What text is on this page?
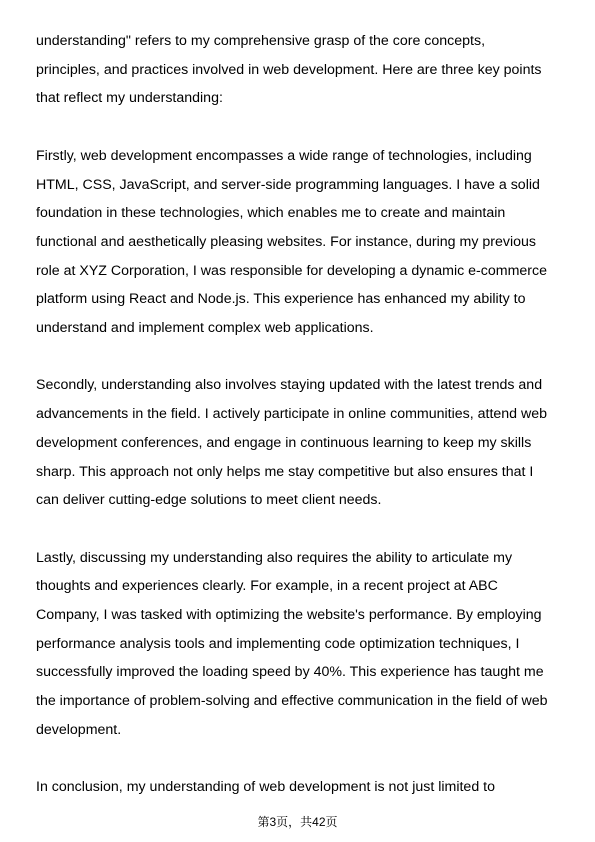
understanding" refers to my comprehensive grasp of the core concepts,
principles, and practices involved in web development. Here are three key points
that reflect my understanding:

Firstly, web development encompasses a wide range of technologies, including
HTML, CSS, JavaScript, and server-side programming languages. I have a solid
foundation in these technologies, which enables me to create and maintain
functional and aesthetically pleasing websites. For instance, during my previous
role at XYZ Corporation, I was responsible for developing a dynamic e-commerce
platform using React and Node.js. This experience has enhanced my ability to
understand and implement complex web applications.

Secondly, understanding also involves staying updated with the latest trends and
advancements in the field. I actively participate in online communities, attend web
development conferences, and engage in continuous learning to keep my skills
sharp. This approach not only helps me stay competitive but also ensures that I
can deliver cutting-edge solutions to meet client needs.

Lastly, discussing my understanding also requires the ability to articulate my
thoughts and experiences clearly. For example, in a recent project at ABC
Company, I was tasked with optimizing the website's performance. By employing
performance analysis tools and implementing code optimization techniques, I
successfully improved the loading speed by 40%. This experience has taught me
the importance of problem-solving and effective communication in the field of web
development.

In conclusion, my understanding of web development is not just limited to

第3页，共42页
